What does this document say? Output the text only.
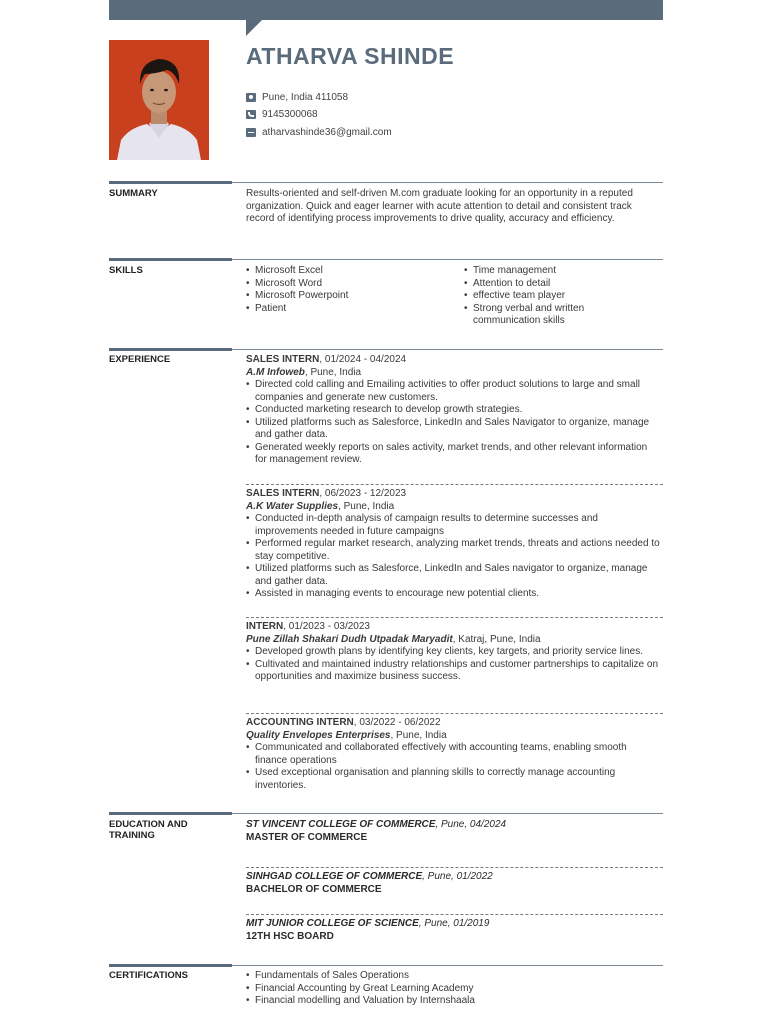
ATHARVA SHINDE
Pune, India 411058
9145300068
atharvashinde36@gmail.com
SUMMARY	Results-oriented and self-driven M.com graduate looking for an opportunity in a reputed organization. Quick and eager learner with acute attention to detail and consistent track record of identifying process improvements to drive quality, accuracy and efficiency.

SKILLS	• Microsoft Excel
• Microsoft Word
• Microsoft Powerpoint
• Patient
• Time management
• Attention to detail
• effective team player
• Strong verbal and written communication skills
EXPERIENCE	SALES INTERN, 01/2024 - 04/2024
A.M Infoweb, Pune, India
• Directed cold calling and Emailing activities to offer product solutions to large and small companies and generate new customers.
• Conducted marketing research to develop growth strategies.
• Utilized platforms such as Salesforce, LinkedIn and Sales Navigator to organize, manage and gather data.
• Generated weekly reports on sales activity, market trends, and other relevant information for management review.
SALES INTERN, 06/2023 - 12/2023
A.K Water Supplies, Pune, India
• Conducted in-depth analysis of campaign results to determine successes and improvements needed in future campaigns
• Performed regular market research, analyzing market trends, threats and actions needed to stay competitive.
• Utilized platforms such as Salesforce, LinkedIn and Sales navigator to organize, manage and gather data.
• Assisted in managing events to encourage new potential clients.
INTERN, 01/2023 - 03/2023
Pune Zillah Shakari Dudh Utpadak Maryadit, Katraj, Pune, India
• Developed growth plans by identifying key clients, key targets, and priority service lines.
• Cultivated and maintained industry relationships and customer partnerships to capitalize on opportunities and maximize business success.
ACCOUNTING INTERN, 03/2022 - 06/2022
Quality Envelopes Enterprises, Pune, India
• Communicated and collaborated effectively with accounting teams, enabling smooth finance operations
• Used exceptional organisation and planning skills to correctly manage accounting inventories.
EDUCATION AND TRAINING
ST VINCENT COLLEGE OF COMMERCE, Pune, 04/2024
MASTER OF COMMERCE
SINHGAD COLLEGE OF COMMERCE, Pune, 01/2022
BACHELOR OF COMMERCE
MIT JUNIOR COLLEGE OF SCIENCE, Pune, 01/2019
12TH HSC BOARD
CERTIFICATIONS	• Fundamentals of Sales Operations
• Financial Accounting by Great Learning Academy
• Financial modelling and Valuation by Internshaala
